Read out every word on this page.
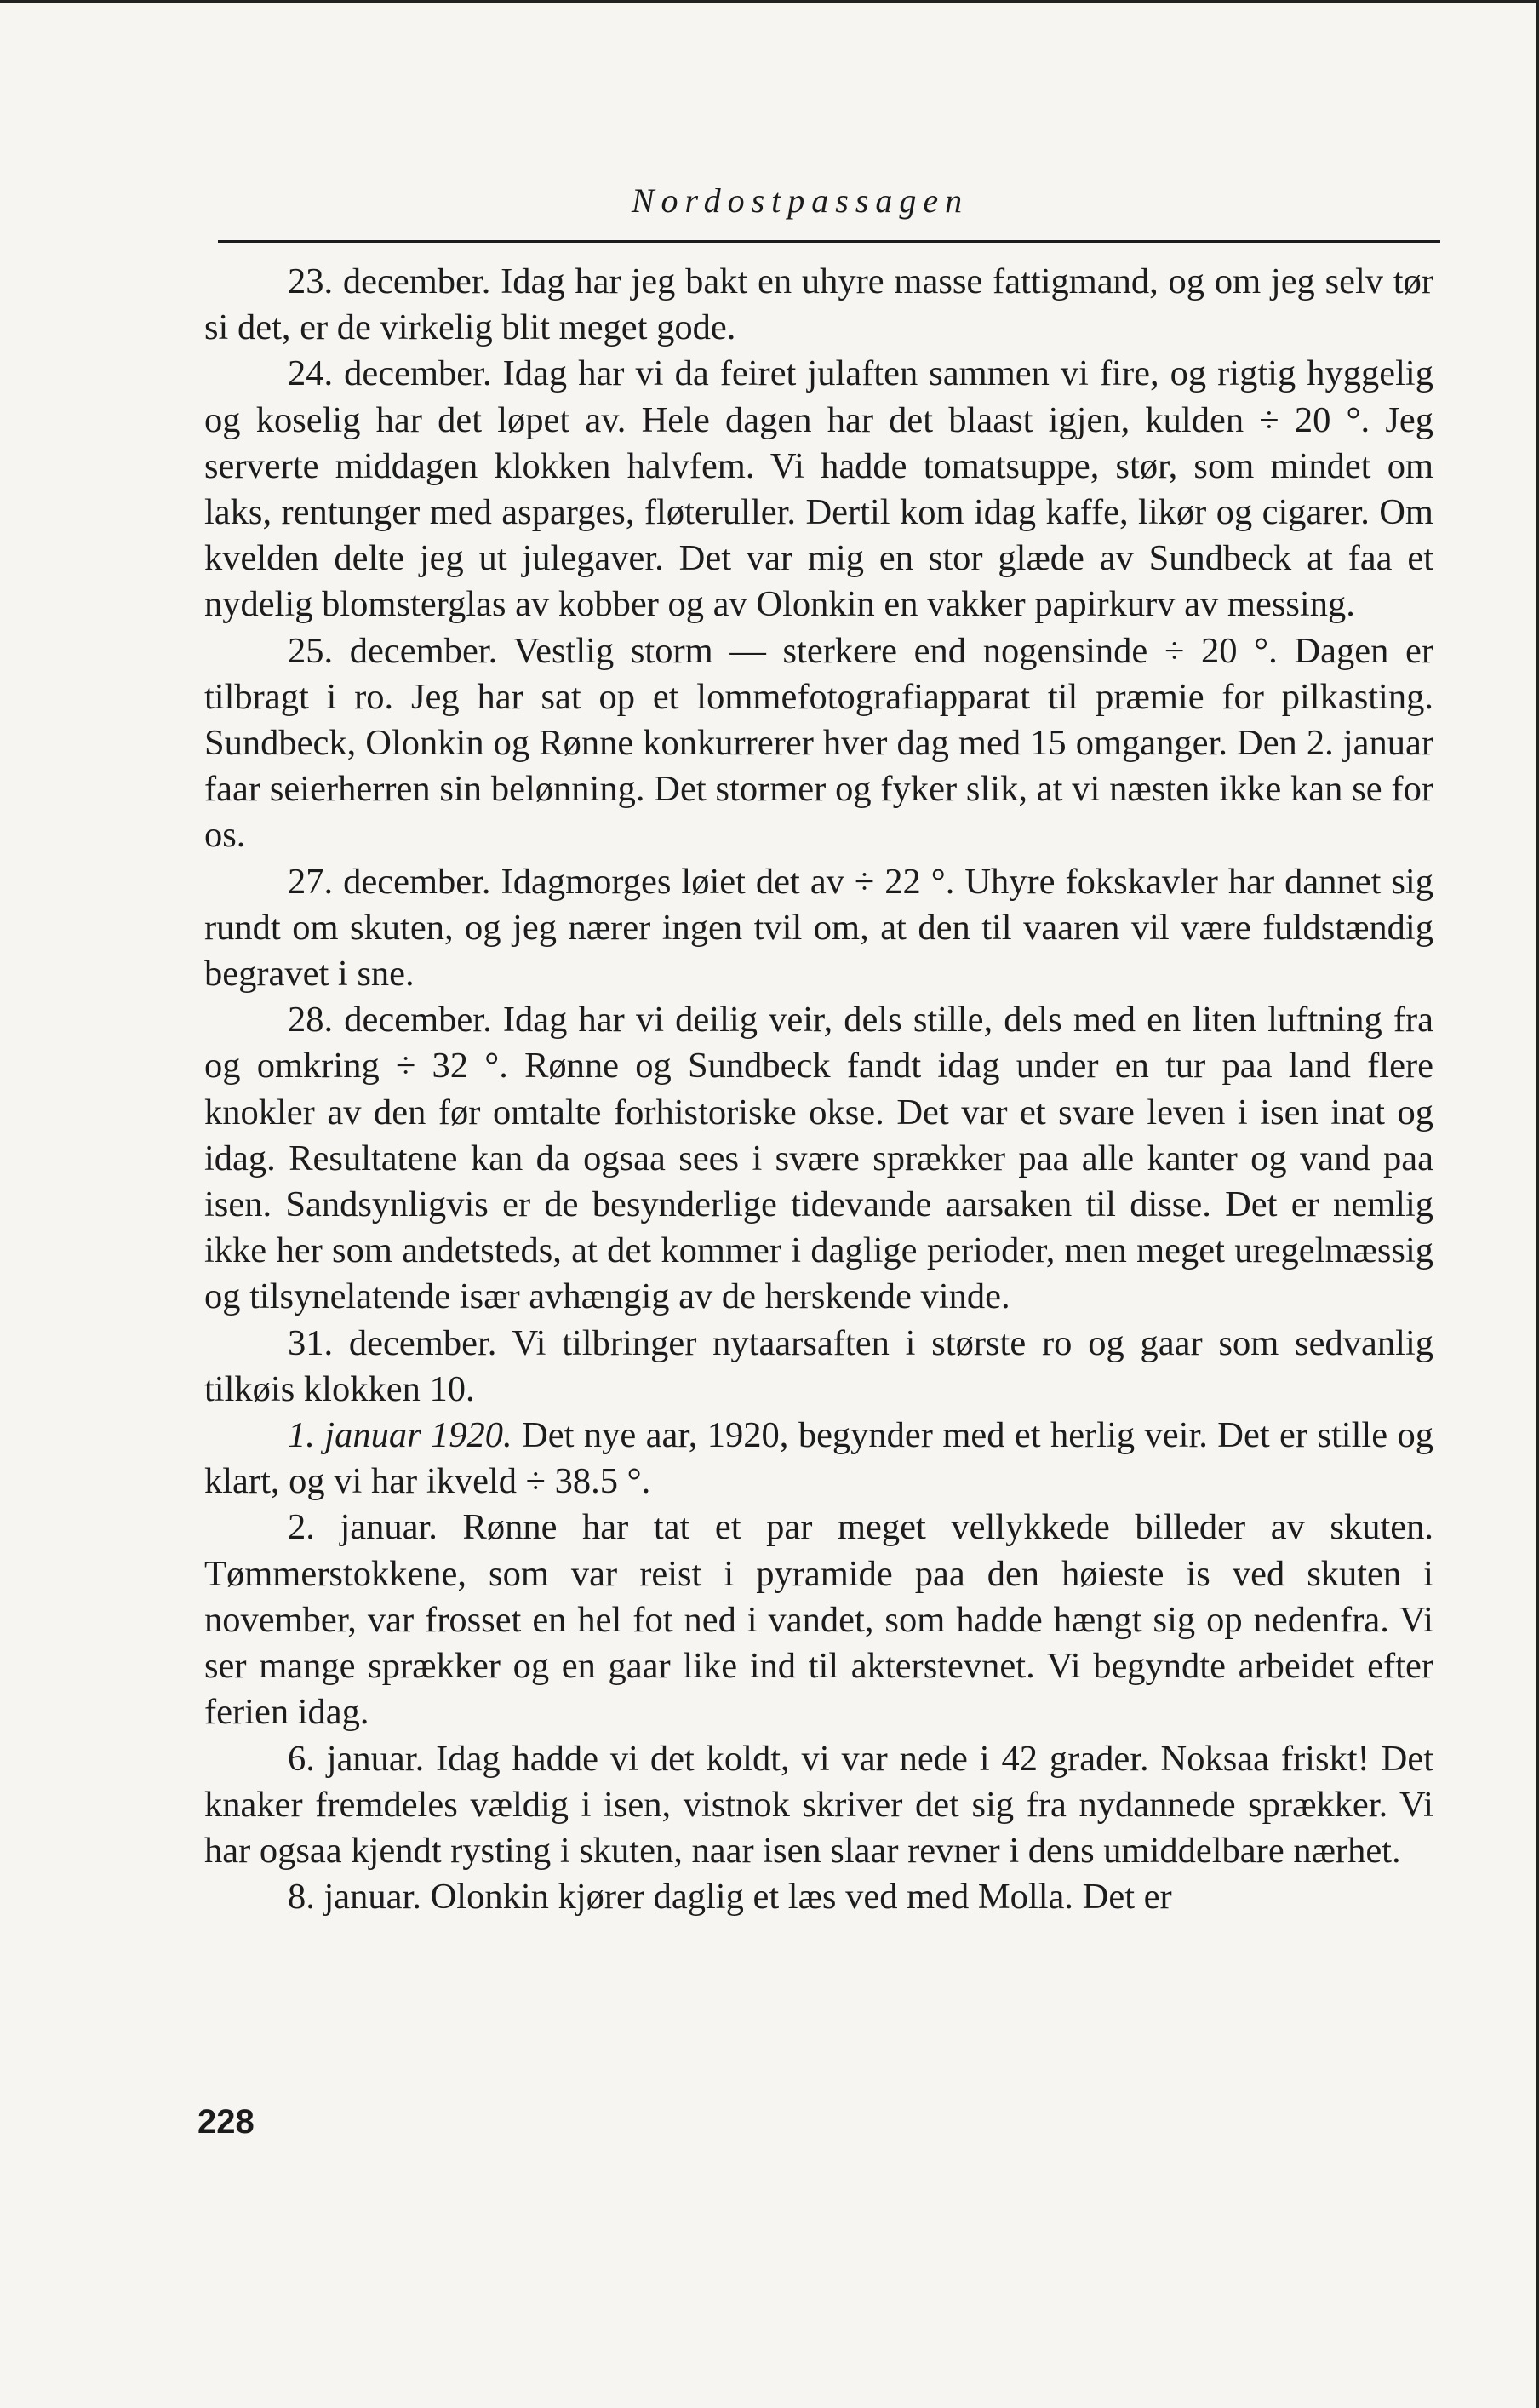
Nordostpassagen

23. december. Idag har jeg bakt en uhyre masse fattigmand, og om jeg selv tør si det, er de virkelig blit meget gode.

24. december. Idag har vi da feiret julaften sammen vi fire, og rigtig hyggelig og koselig har det løpet av. Hele dagen har det blaast igjen, kulden ÷ 20 °. Jeg serverte middagen klokken halvfem. Vi hadde tomatsuppe, stør, som mindet om laks, rentunger med asparges, fløteruller. Dertil kom idag kaffe, likør og cigarer. Om kvelden delte jeg ut julegaver. Det var mig en stor glæde av Sundbeck at faa et nydelig blomsterglas av kobber og av Olonkin en vakker papirkurv av messing.

25. december. Vestlig storm — sterkere end nogensinde ÷ 20 °. Dagen er tilbragt i ro. Jeg har sat op et lommefotografiapparat til præmie for pilkasting. Sundbeck, Olonkin og Rønne konkurrerer hver dag med 15 omganger. Den 2. januar faar seierherren sin belønning. Det stormer og fyker slik, at vi næsten ikke kan se for os.

27. december. Idagmorges løiet det av ÷ 22 °. Uhyre fokskavler har dannet sig rundt om skuten, og jeg nærer ingen tvil om, at den til vaaren vil være fuldstændig begravet i sne.

28. december. Idag har vi deilig veir, dels stille, dels med en liten luftning fra og omkring ÷ 32 °. Rønne og Sundbeck fandt idag under en tur paa land flere knokler av den før omtalte forhistoriske okse. Det var et svare leven i isen inat og idag. Resultatene kan da ogsaa sees i svære sprækker paa alle kanter og vand paa isen. Sandsynligvis er de besynderlige tidevande aarsaken til disse. Det er nemlig ikke her som andetsteds, at det kommer i daglige perioder, men meget uregelmæssig og tilsynelatende især avhængig av de herskende vinde.

31. december. Vi tilbringer nytaarsaften i største ro og gaar som sedvanlig tilkøis klokken 10.

1. januar 1920. Det nye aar, 1920, begynder med et herlig veir. Det er stille og klart, og vi har ikveld ÷ 38.5 °.

2. januar. Rønne har tat et par meget vellykkede billeder av skuten. Tømmerstokkene, som var reist i pyramide paa den høieste is ved skuten i november, var frosset en hel fot ned i vandet, som hadde hængt sig op nedenfra. Vi ser mange sprækker og en gaar like ind til akterstevnet. Vi begyndte arbeidet efter ferien idag.

6. januar. Idag hadde vi det koldt, vi var nede i 42 grader. Noksaa friskt! Det knaker fremdeles vældig i isen, vistnok skriver det sig fra nydannede sprækker. Vi har ogsaa kjendt rysting i skuten, naar isen slaar revner i dens umiddelbare nærhet.

8. januar. Olonkin kjører daglig et læs ved med Molla. Det er

228
